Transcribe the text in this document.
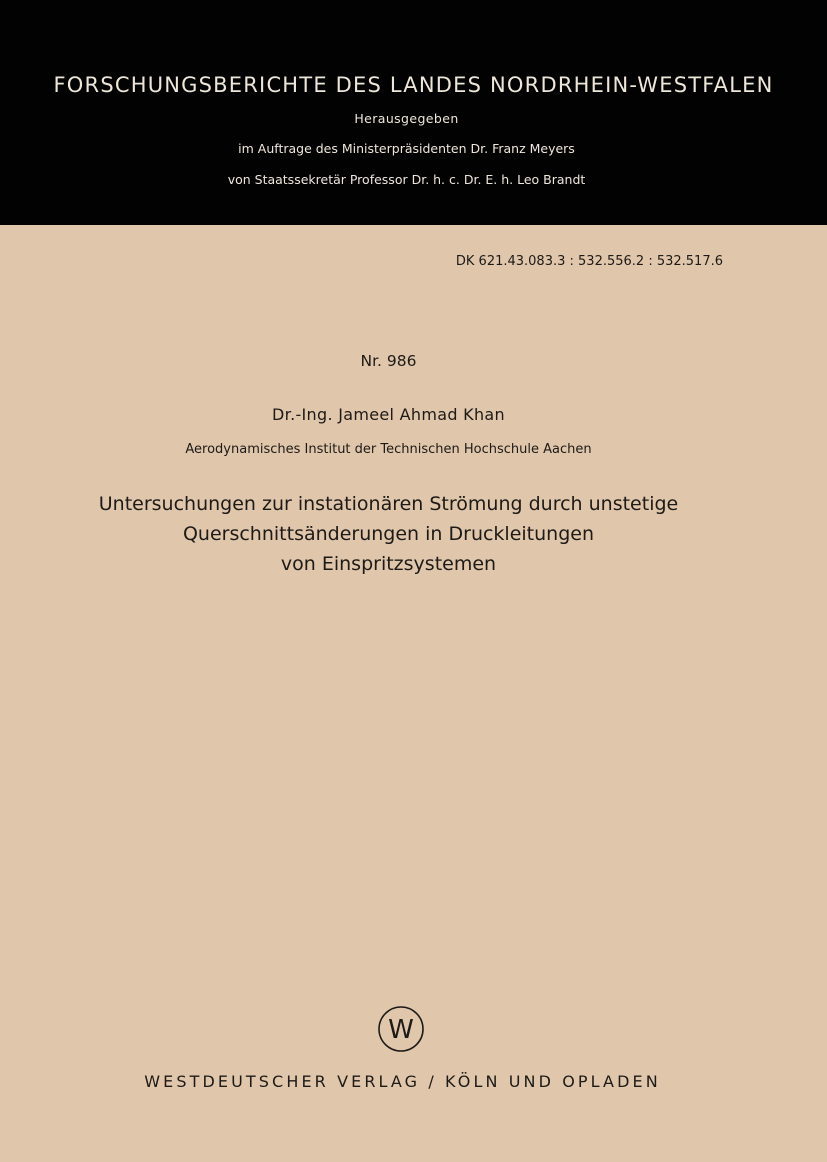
FORSCHUNGSBERICHTE DES LANDES NORDRHEIN-WESTFALEN
Herausgegeben
im Auftrage des Ministerpräsidenten Dr. Franz Meyers
von Staatssekretär Professor Dr. h. c. Dr. E. h. Leo Brandt
DK 621.43.083.3 : 532.556.2 : 532.517.6
Nr. 986
Dr.-Ing. Jameel Ahmad Khan
Aerodynamisches Institut der Technischen Hochschule Aachen
Untersuchungen zur instationären Strömung durch unstetige
Querschnittsänderungen in Druckleitungen
von Einspritzsystemen
W
WESTDEUTSCHER VERLAG / KÖLN UND OPLADEN
